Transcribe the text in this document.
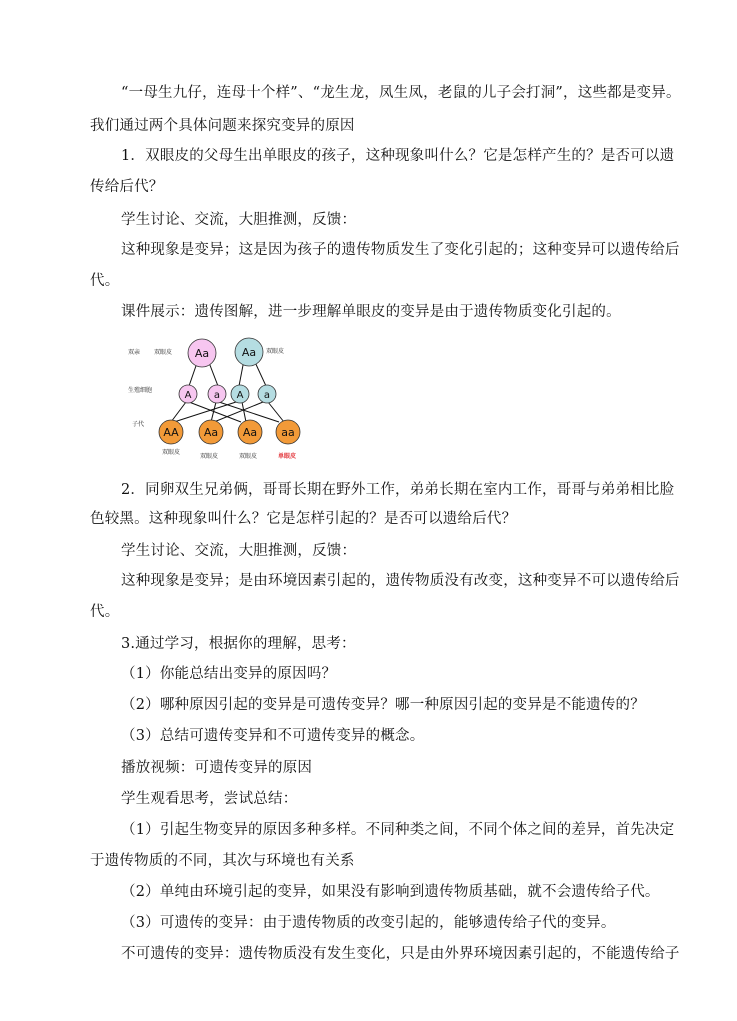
“一母生九仔，连母十个样”、“龙生龙，凤生凤，老鼠的儿子会打洞”，这些都是变异。
我们通过两个具体问题来探究变异的原因
1．双眼皮的父母生出单眼皮的孩子，这种现象叫什么？它是怎样产生的？是否可以遗
传给后代？
学生讨论、交流，大胆推测，反馈：
这种现象是变异；这是因为孩子的遗传物质发生了变化引起的；这种变异可以遗传给后
代。
课件展示：遗传图解，进一步理解单眼皮的变异是由于遗传物质变化引起的。
双亲
生殖细胞
子代
双眼皮 Aa	Aa 双眼皮
A a A a
AA Aa Aa aa
双眼皮
双眼皮	双眼皮	单眼皮
2．同卵双生兄弟俩，哥哥长期在野外工作，弟弟长期在室内工作，哥哥与弟弟相比脸
色较黑。这种现象叫什么？它是怎样引起的？是否可以遗给后代？
学生讨论、交流，大胆推测，反馈：
这种现象是变异；是由环境因素引起的，遗传物质没有改变，这种变异不可以遗传给后
代。
3.通过学习，根据你的理解，思考：
（1）你能总结出变异的原因吗？
（2）哪种原因引起的变异是可遗传变异？哪一种原因引起的变异是不能遗传的？
（3）总结可遗传变异和不可遗传变异的概念。
播放视频：可遗传变异的原因
学生观看思考，尝试总结：
（1）引起生物变异的原因多种多样。不同种类之间，不同个体之间的差异，首先决定
于遗传物质的不同，其次与环境也有关系
（2）单纯由环境引起的变异，如果没有影响到遗传物质基础，就不会遗传给子代。
（3）可遗传的变异：由于遗传物质的改变引起的，能够遗传给子代的变异。
不可遗传的变异：遗传物质没有发生变化，只是由外界环境因素引起的，不能遗传给子
